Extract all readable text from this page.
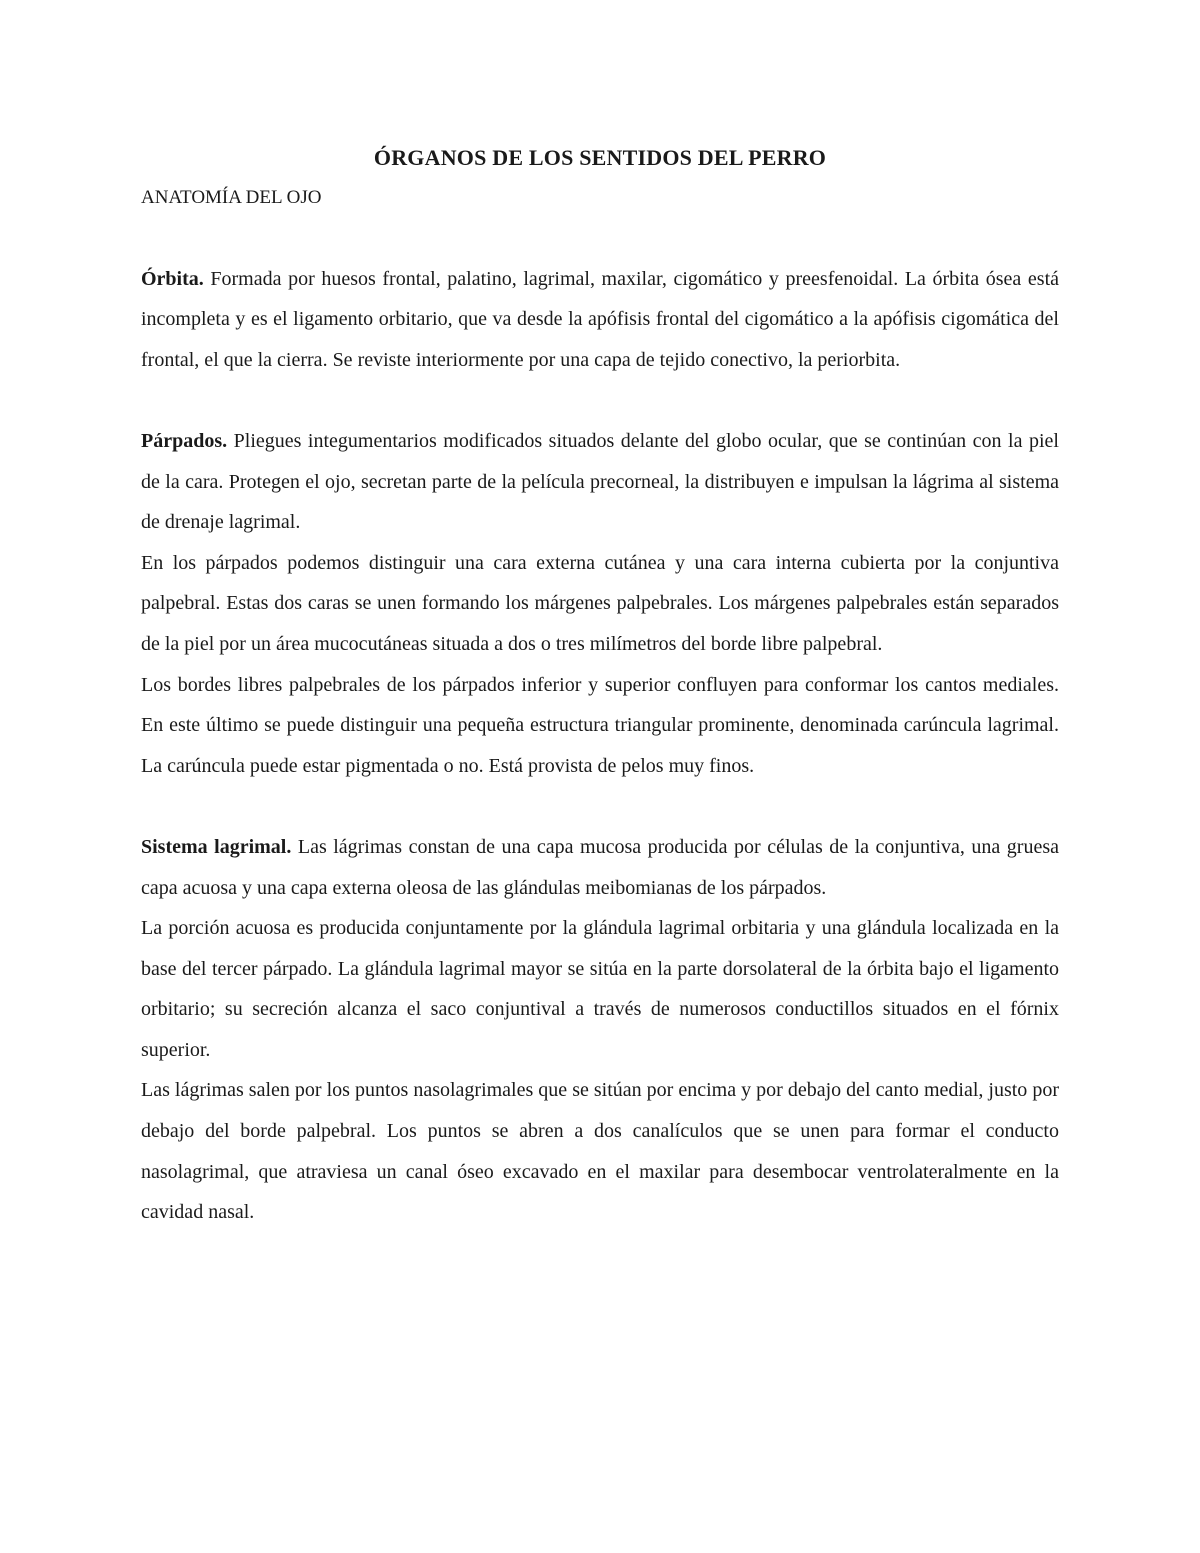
ÓRGANOS DE LOS SENTIDOS DEL PERRO
ANATOMÍA DEL OJO

Órbita. Formada por huesos frontal, palatino, lagrimal, maxilar, cigomático y preesfenoidal. La órbita ósea está incompleta y es el ligamento orbitario, que va desde la apófisis frontal del cigomático a la apófisis cigomática del frontal, el que la cierra. Se reviste interiormente por una capa de tejido conectivo, la periorbita.

Párpados. Pliegues integumentarios modificados situados delante del globo ocular, que se continúan con la piel de la cara. Protegen el ojo, secretan parte de la película precorneal, la distribuyen e impulsan la lágrima al sistema de drenaje lagrimal.

En los párpados podemos distinguir una cara externa cutánea y una cara interna cubierta por la conjuntiva palpebral. Estas dos caras se unen formando los márgenes palpebrales. Los márgenes palpebrales están separados de la piel por un área mucocutáneas situada a dos o tres milímetros del borde libre palpebral.

Los bordes libres palpebrales de los párpados inferior y superior confluyen para conformar los cantos mediales. En este último se puede distinguir una pequeña estructura triangular prominente, denominada carúncula lagrimal. La carúncula puede estar pigmentada o no. Está provista de pelos muy finos.

Sistema lagrimal. Las lágrimas constan de una capa mucosa producida por células de la conjuntiva, una gruesa capa acuosa y una capa externa oleosa de las glándulas meibomianas de los párpados.

La porción acuosa es producida conjuntamente por la glándula lagrimal orbitaria y una glándula localizada en la base del tercer párpado. La glándula lagrimal mayor se sitúa en la parte dorsolateral de la órbita bajo el ligamento orbitario; su secreción alcanza el saco conjuntival a través de numerosos conductillos situados en el fórnix superior.

Las lágrimas salen por los puntos nasolagrimales que se sitúan por encima y por debajo del canto medial, justo por debajo del borde palpebral. Los puntos se abren a dos canalículos que se unen para formar el conducto nasolagrimal, que atraviesa un canal óseo excavado en el maxilar para desembocar ventrolateralmente en la cavidad nasal.
